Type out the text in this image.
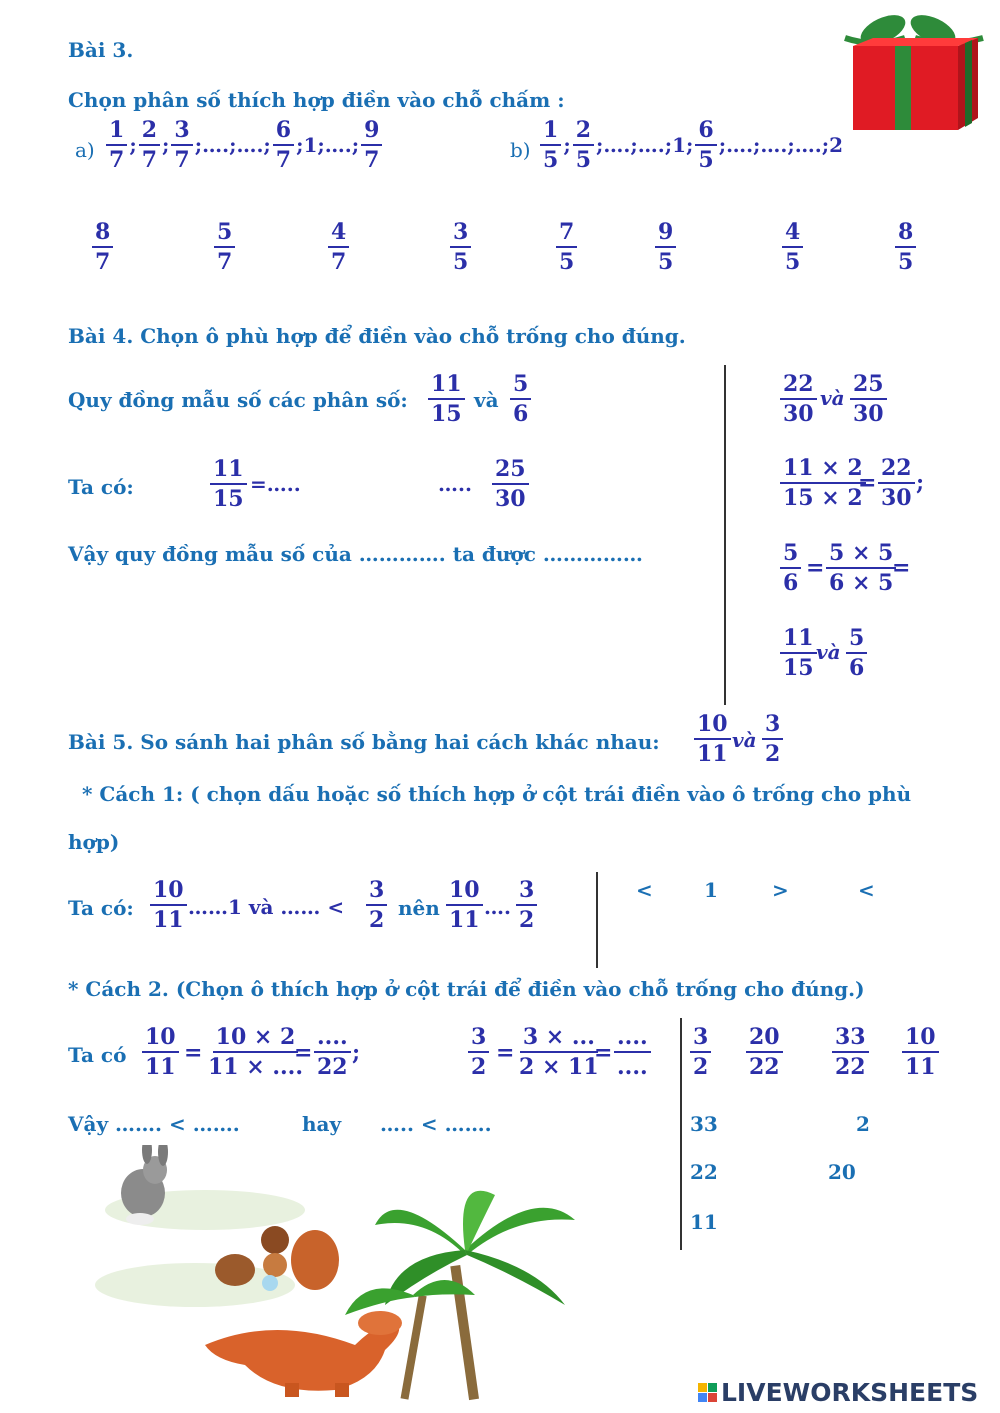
Bài 3.
Chọn phân số thích hợp điền vào chỗ chấm :
$a) \frac{1}{7}$ ; $\frac{2}{7}$ ; $\frac{3}{7}$ ;….;….; $\frac{6}{7}$ ;1;….; $\frac{9}{7}$	$b) \frac{1}{5}$ ; $\frac{2}{5}$ ;….;….;1; $\frac{6}{5}$ ;….;….;….;2
$\frac{8}{7}$	$\frac{5}{7}$	$\frac{4}{7}$	$\frac{3}{5}$	$\frac{7}{5}$	$\frac{9}{5}$	$\frac{4}{5}$	$\frac{8}{5}$
Bài 4. Chọn ô phù hợp để điền vào chỗ trống cho đúng.
Quy đồng mẫu số các phân số: $\frac{11}{15}$ và $\frac{5}{6}$
Ta có:	$\frac{11}{15}$ =…..	….. $\frac{25}{30}$
Vậy quy đồng mẫu số của …………. ta được ……………
$\frac{22}{30}$ và $\frac{25}{30}$
$\frac{11 \times 2}{15 \times 2}$
= $\frac{22}{30}$ ;
$\frac{5}{6} = \frac{5 \times 5}{6 \times 5}$
=
$\frac{11}{15}$ và $\frac{5}{6}$
Bài 5. So sánh hai phân số bằng hai cách khác nhau: $\frac{10}{11}$ và $\frac{3}{2}$
* Cách 1: ( chọn dấu hoặc số thích hợp ở cột trái điền vào ô trống cho phù
hợp)
Ta có: $\frac{10}{11}$ ……1 và …… < $\frac{3}{2}$ nên $\frac{10}{11}$ …. $\frac{3}{2}$	<	1	>	<
* Cách 2. (Chọn ô thích hợp ở cột trái để điền vào chỗ trống cho đúng.)
Ta có $\frac{10}{11} = \frac{10 \times 2}{11 \times ....}$
=
....
22
;	$\frac{3}{2} = \frac{3 \times ...}{2 \times 11}$
=
....
....
Vậy ……. < …….	hay ….. < …….
$\frac{3}{2} \frac{20}{22} \frac{33}{22} \frac{10}{11}$
33	2
22	20
11
LIVEWORKSHEETS
